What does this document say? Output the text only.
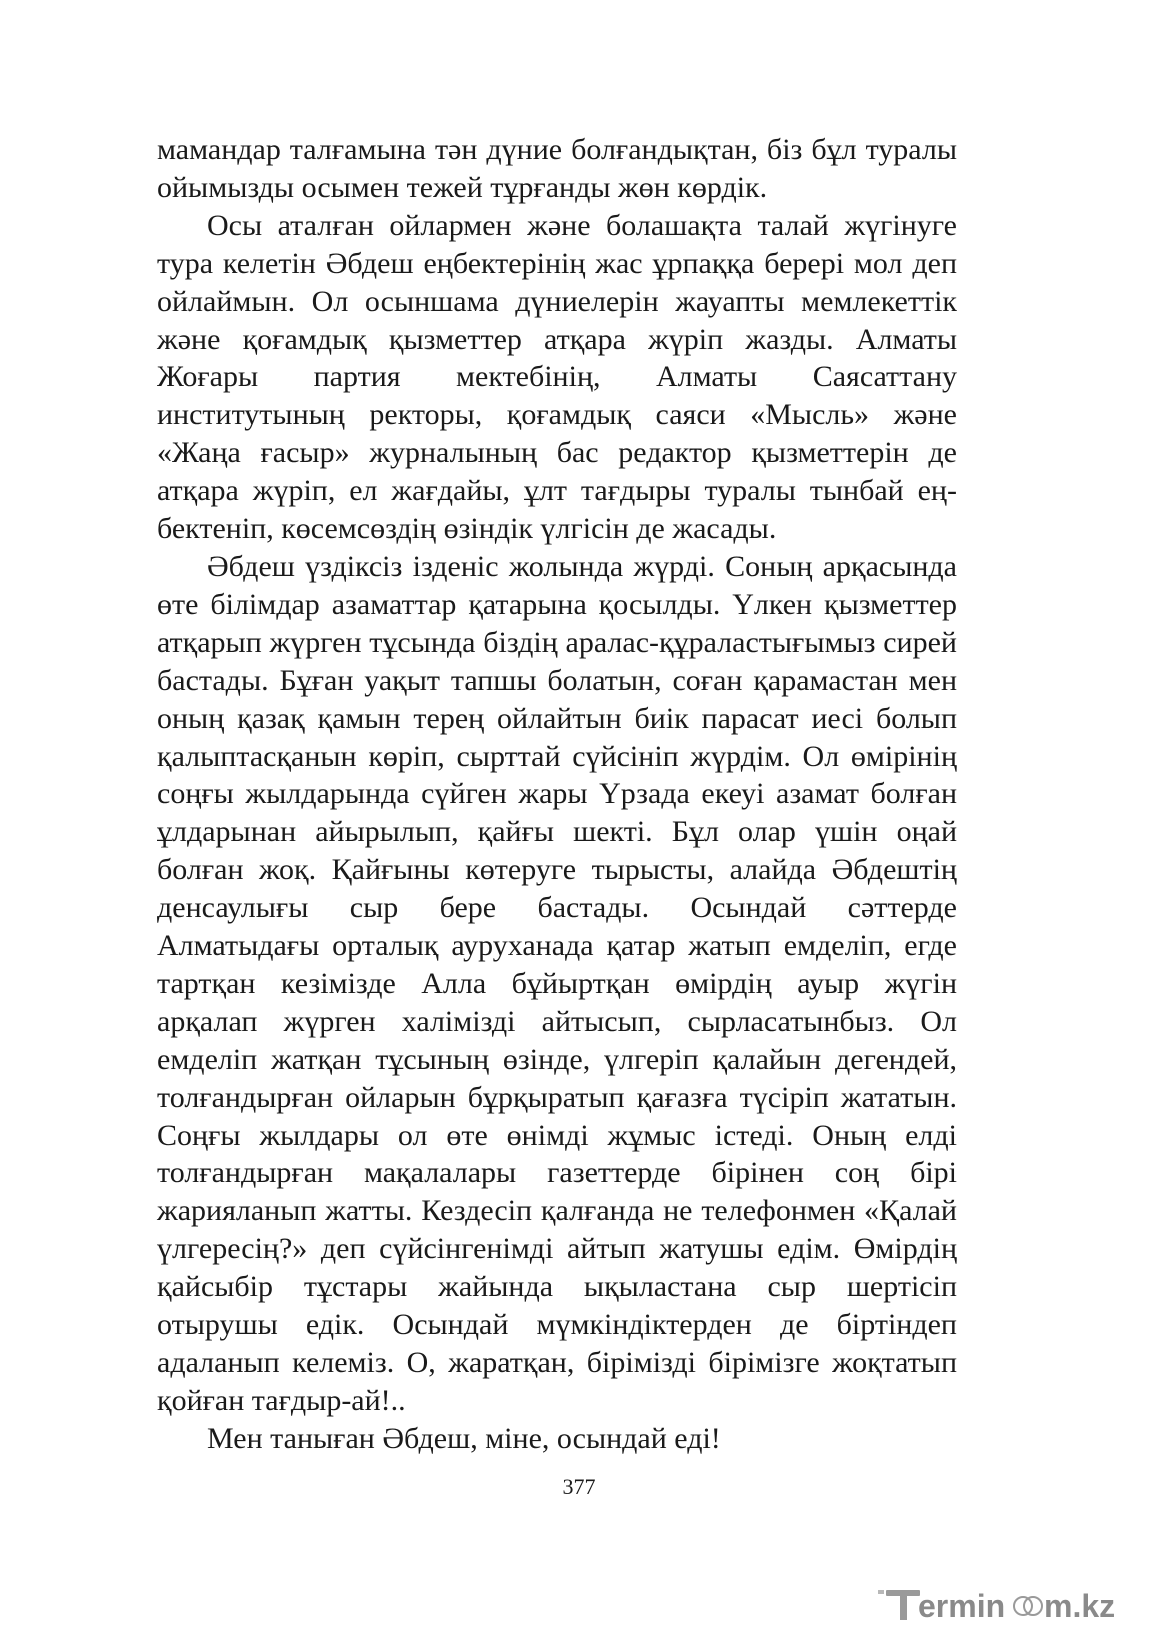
мамандар талғамына тән дүние болғандықтан, біз бұл туралы ойымызды осымен тежей тұрғанды жөн көрдік.

Осы аталған ойлармен және болашақта талай жүгінуге тура келетін Әбдеш еңбектерінің жас ұрпаққа берері мол деп ойлаймын. Ол осыншама дүниелерін жауапты мемлекеттік және қоғамдық қызметтер атқара жүріп жазды. Алматы Жоғары партия мектебінің, Алматы Саясаттану институтының ректоры, қоғамдық саяси «Мысль» және «Жаңа ғасыр» журналының бас редактор қызметтерін де атқара жүріп, ел жағдайы, ұлт тағдыры туралы тынбай еңбектеніп, көсемсөздің өзіндік үлгісін де жасады.

Әбдеш үздіксіз ізденіс жолында жүрді. Соның арқасында өте білімдар азаматтар қатарына қосылды. Үлкен қызметтер атқарып жүрген тұсында біздің аралас-құраластығымыз сирей бастады. Бұған уақыт тапшы болатын, соған қарамастан мен оның қазақ қамын терең ойлайтын биік парасат иесі болып қалыптасқанын көріп, сырттай сүйсініп жүрдім. Ол өмірінің соңғы жылдарында сүйген жары Үрзада екеуі азамат болған ұлдарынан айырылып, қайғы шекті. Бұл олар үшін оңай болған жоқ. Қайғыны көтеруге тырысты, алайда Әбдештің денсаулығы сыр бере бастады. Осындай сәттерде Алматыдағы орталық ауруханада қатар жатып емделіп, егде тартқан кезімізде Алла бұйыртқан өмірдің ауыр жүгін арқалап жүрген халімізді айтысып, сырласатынбыз. Ол емделіп жатқан тұсының өзінде, үлгеріп қалайын дегендей, толғандырған ойларын бұрқыратып қағазға түсіріп жататын. Соңғы жылдары ол өте өнімді жұмыс істеді. Оның елді толғандырған мақалалары газеттерде бірінен соң бірі жарияланып жатты. Кездесіп қалғанда не телефонмен «Қалай үлгересің?» деп сүйсінгенімді айтып жатушы едім. Өмірдің қайсыбір тұстары жайында ықыластана сыр шертісіп отырушы едік. Осындай мүмкіндіктерден де біртіндеп адаланып келеміз. О, жаратқан, бірімізді бірімізге жоқтатып қойған тағдыр-ай!..

Мен таныған Әбдеш, міне, осындай еді!

377
ermin m.kz
